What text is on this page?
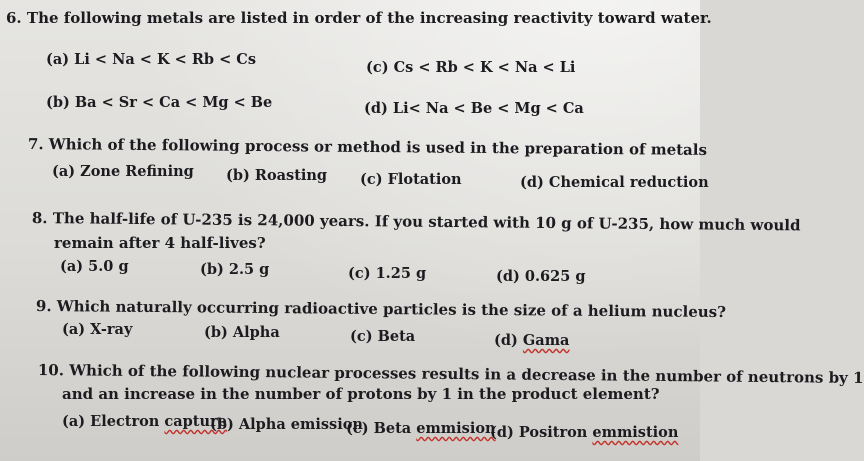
6. The following metals are listed in order of the increasing reactivity toward water.
(a) Li < Na < K < Rb < Cs	(c) Cs < Rb < K < Na < Li
(b) Ba < Sr < Ca < Mg < Be	(d) Li< Na < Be < Mg < Ca
7. Which of the following process or method is used in the preparation of metals
(a) Zone Refining (b) Roasting (c) Flotation	(d) Chemical reduction
8. The half-life of U-235 is 24,000 years. If you started with 10 g of U-235, how much would
remain after 4 half-lives?
(a) 5.0 g	(b) 2.5 g	(c) 1.25 g	(d) 0.625 g
9. Which naturally occurring radioactive particles is the size of a helium nucleus?
(a) X-ray	(b) Alpha	(c) Beta	(d) Gama
10. Which of the following nuclear processes results in a decrease in the number of neutrons by 1
and an increase in the number of protons by 1 in the product element?
(a) Electron capture
(b) Alpha emission
(c) Beta emmision
(d) Positron emmistion
